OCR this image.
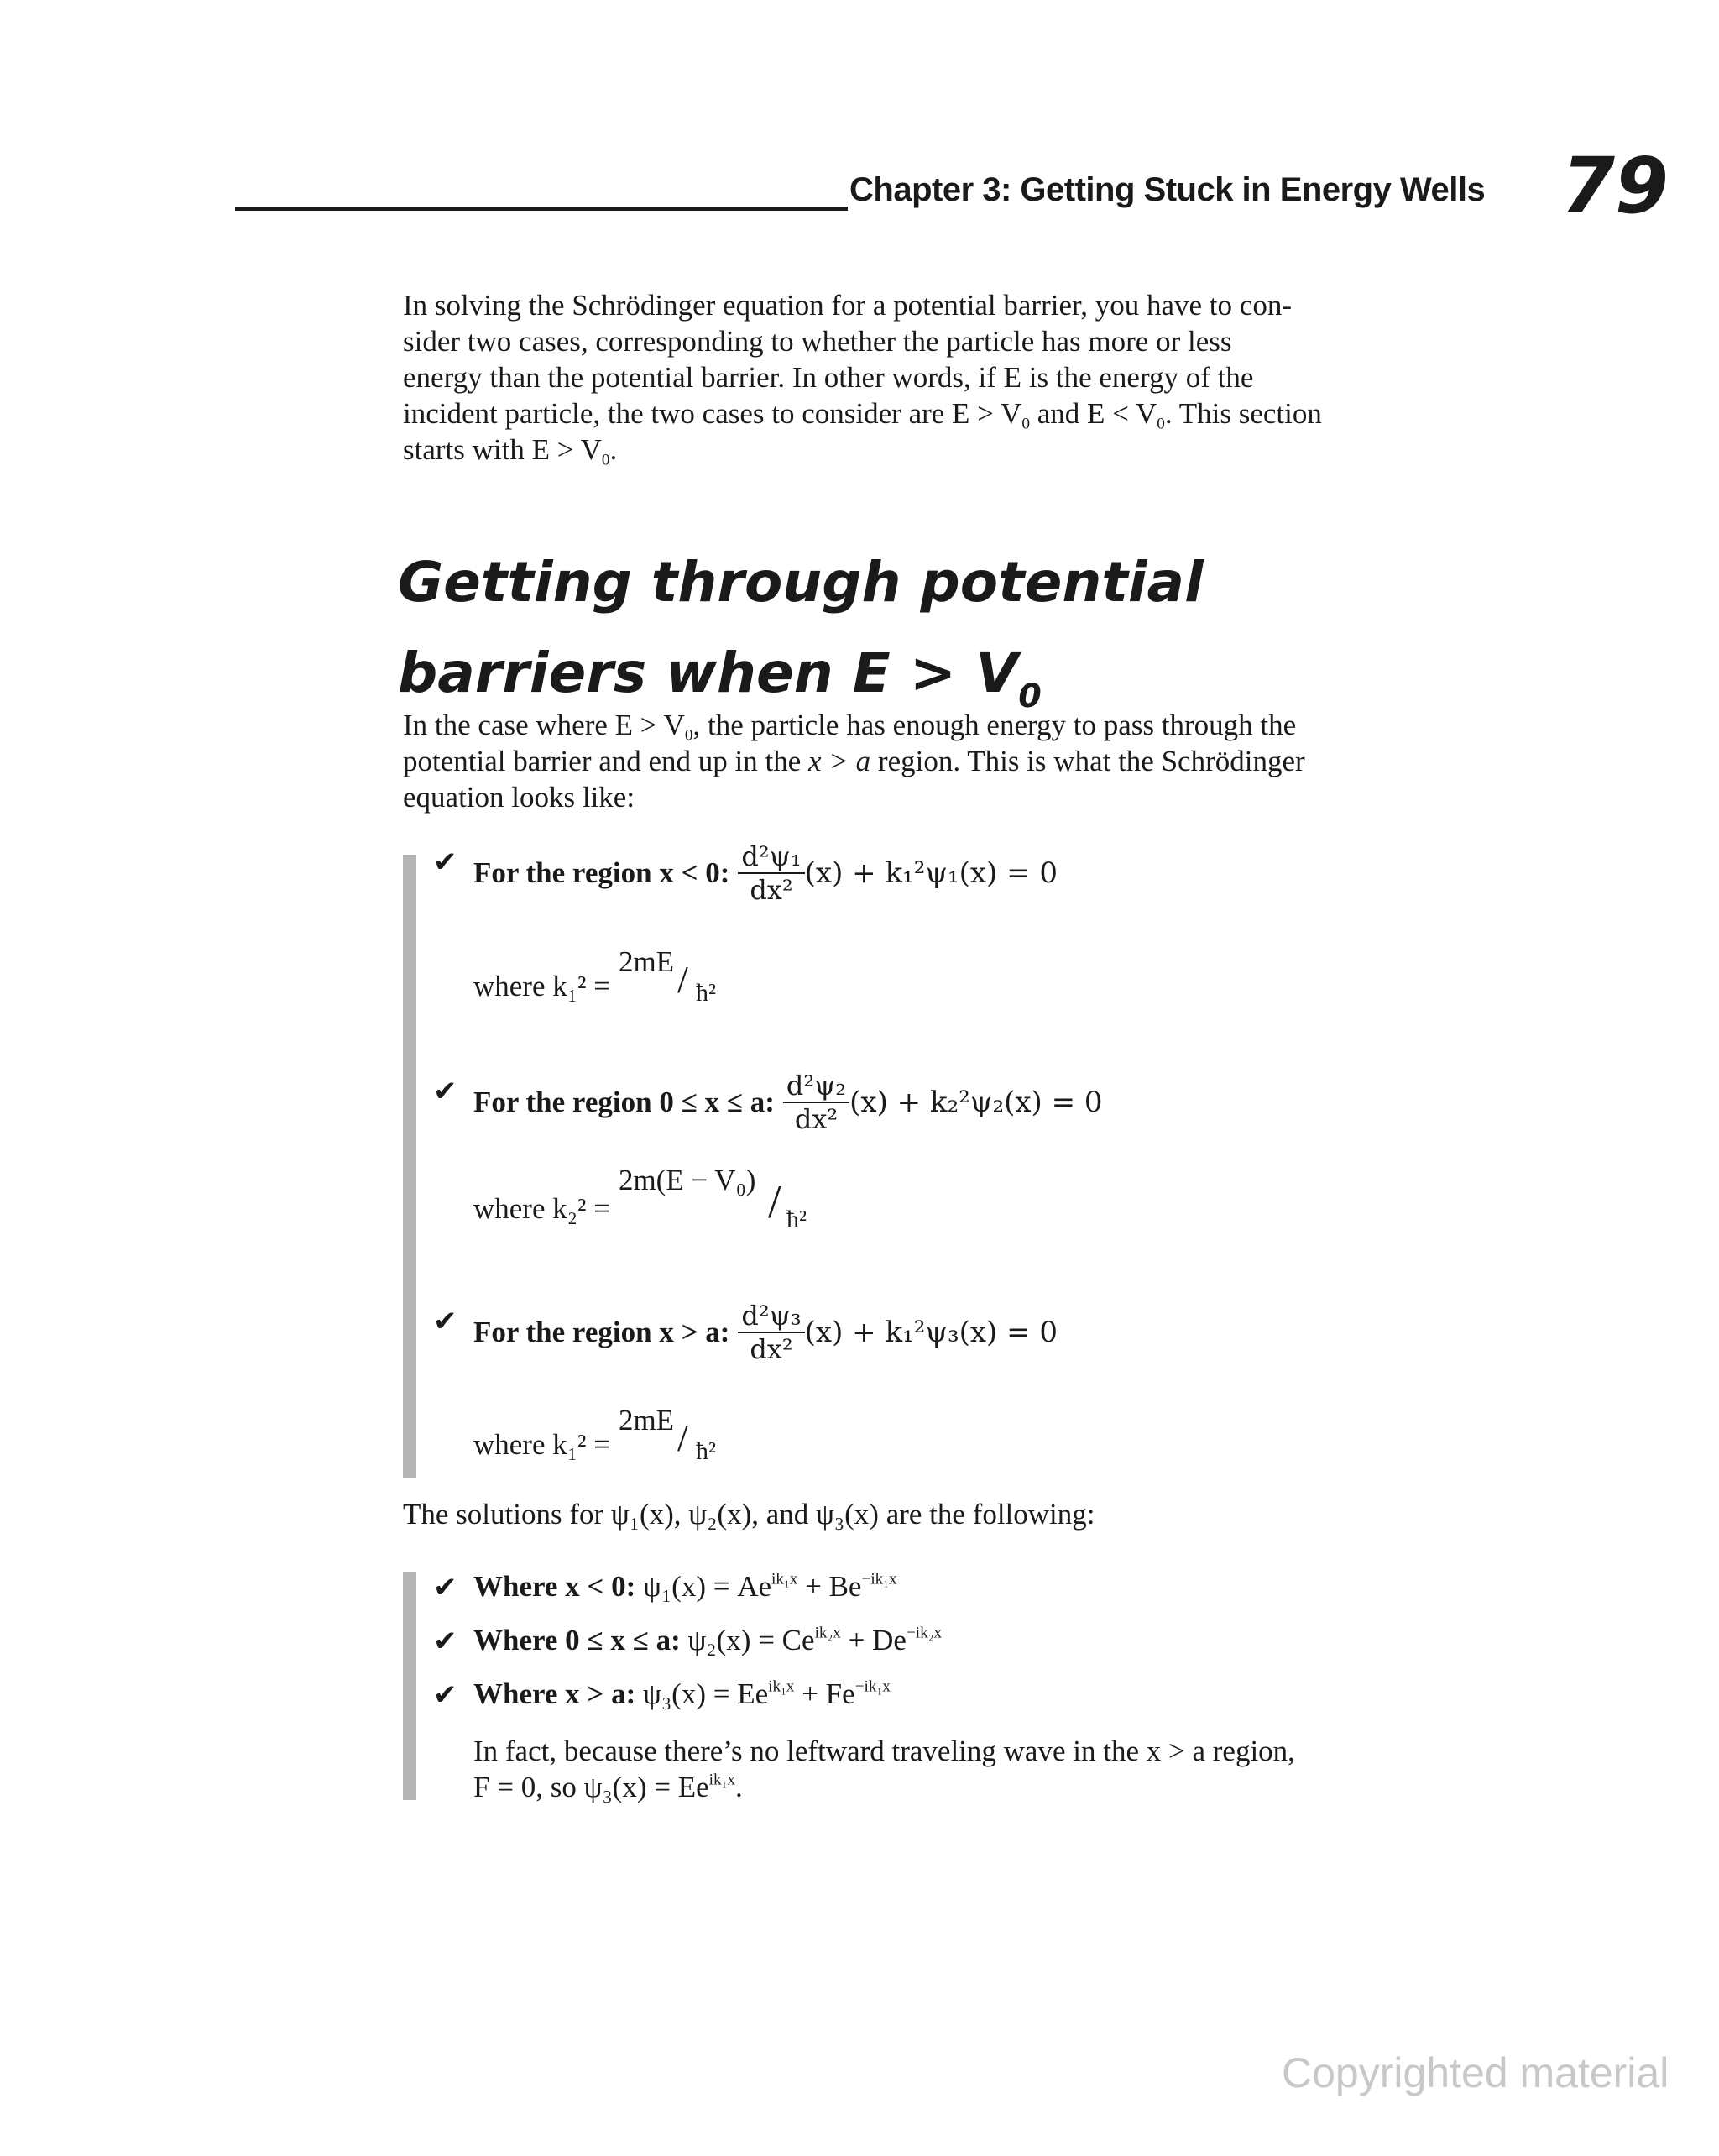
Chapter 3: Getting Stuck in Energy Wells 79
In solving the Schrödinger equation for a potential barrier, you have to con-
sider two cases, corresponding to whether the particle has more or less
energy than the potential barrier. In other words, if E is the energy of the
incident particle, the two cases to consider are $E > V_0$ and $E < V_0$. This section
starts with $E > V_0$.
Getting through potential
barriers when $E > V_0$
In the case where $E > V_0$, the particle has enough energy to pass through the
potential barrier and end up in the x > a region. This is what the Schrödinger
equation looks like:
✔ For the region x < 0: $\frac{\text{d²ψ₁}}{\text{dx²}} (x) + k_1^2\psi_1(x) = 0$
where k₁² =
2mE / ħ²
✔ For the region 0 ≤ x ≤ a: $\frac{\text{d²ψ₂}}{\text{dx²}} (x) + k_2^2\psi_2(x) = 0$
where k₂² =
2m(E − V₀) / ħ²
✔ For the region x > a: $\frac{\text{d²ψ₃}}{\text{dx²}} (x) + k_1^2\psi_3(x) = 0$
where k₁² =
2mE / ħ²
The solutions for ψ₁(x), ψ₂(x), and ψ₃(x) are the following:
✔ Where x < 0: $\psi_1(x) = Ae^{ik_1x} + Be^{-ik_1x}$
✔ Where 0 ≤ x ≤ a: $\psi_2(x) = Ce^{ik_2x} + De^{-ik_2x}$
✔ Where x > a: $\psi_3(x) = Ee^{ik_1x} + Fe^{-ik_1x}$
In fact, because there’s no leftward traveling wave in the x > a region,
F = 0, so $\psi_3(x) = Ee^{ik_1x}$.
Copyrighted material
